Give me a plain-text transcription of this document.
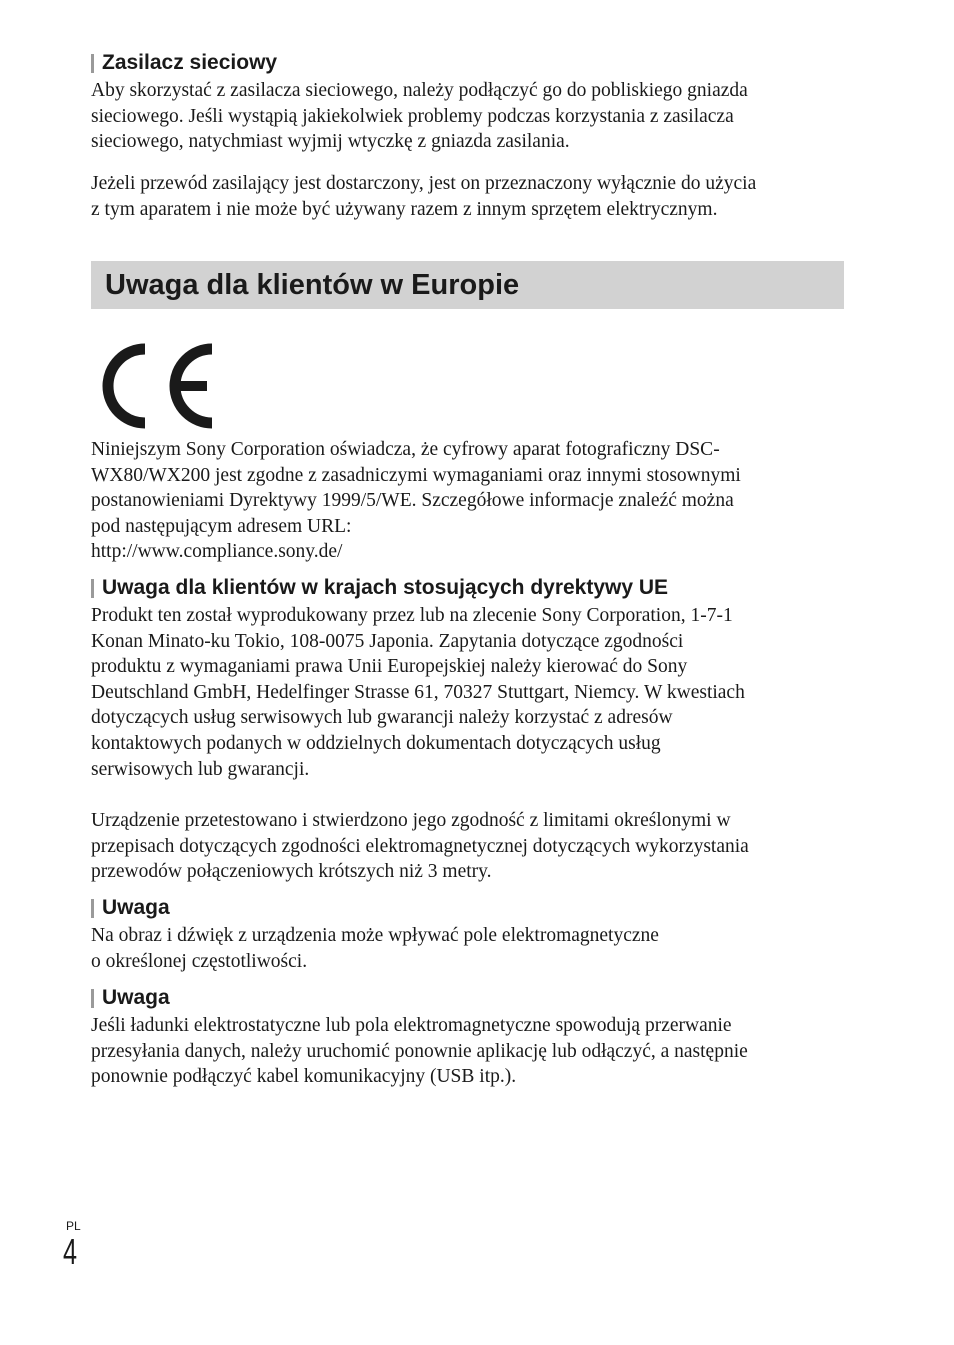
Zasilacz sieciowy
Aby skorzystać z zasilacza sieciowego, należy podłączyć go do pobliskiego gniazda
sieciowego. Jeśli wystąpią jakiekolwiek problemy podczas korzystania z zasilacza
sieciowego, natychmiast wyjmij wtyczkę z gniazda zasilania.
Jeżeli przewód zasilający jest dostarczony, jest on przeznaczony wyłącznie do użycia
z tym aparatem i nie może być używany razem z innym sprzętem elektrycznym.
Uwaga dla klientów w Europie
Niniejszym Sony Corporation oświadcza, że cyfrowy aparat fotograficzny DSC-
WX80/WX200 jest zgodne z zasadniczymi wymaganiami oraz innymi stosownymi
postanowieniami Dyrektywy 1999/5/WE. Szczegółowe informacje znaleźć można
pod następującym adresem URL:
http://www.compliance.sony.de/
Uwaga dla klientów w krajach stosujących dyrektywy UE
Produkt ten został wyprodukowany przez lub na zlecenie Sony Corporation, 1-7-1
Konan Minato-ku Tokio, 108-0075 Japonia. Zapytania dotyczące zgodności
produktu z wymaganiami prawa Unii Europejskiej należy kierować do Sony
Deutschland GmbH, Hedelfinger Strasse 61, 70327 Stuttgart, Niemcy. W kwestiach
dotyczących usług serwisowych lub gwarancji należy korzystać z adresów
kontaktowych podanych w oddzielnych dokumentach dotyczących usług
serwisowych lub gwarancji.
Urządzenie przetestowano i stwierdzono jego zgodność z limitami określonymi w
przepisach dotyczących zgodności elektromagnetycznej dotyczących wykorzystania
przewodów połączeniowych krótszych niż 3 metry.
Uwaga
Na obraz i dźwięk z urządzenia może wpływać pole elektromagnetyczne
o określonej częstotliwości.
Uwaga
Jeśli ładunki elektrostatyczne lub pola elektromagnetyczne spowodują przerwanie
przesyłania danych, należy uruchomić ponownie aplikację lub odłączyć, a następnie
ponownie podłączyć kabel komunikacyjny (USB itp.).
PL
4
